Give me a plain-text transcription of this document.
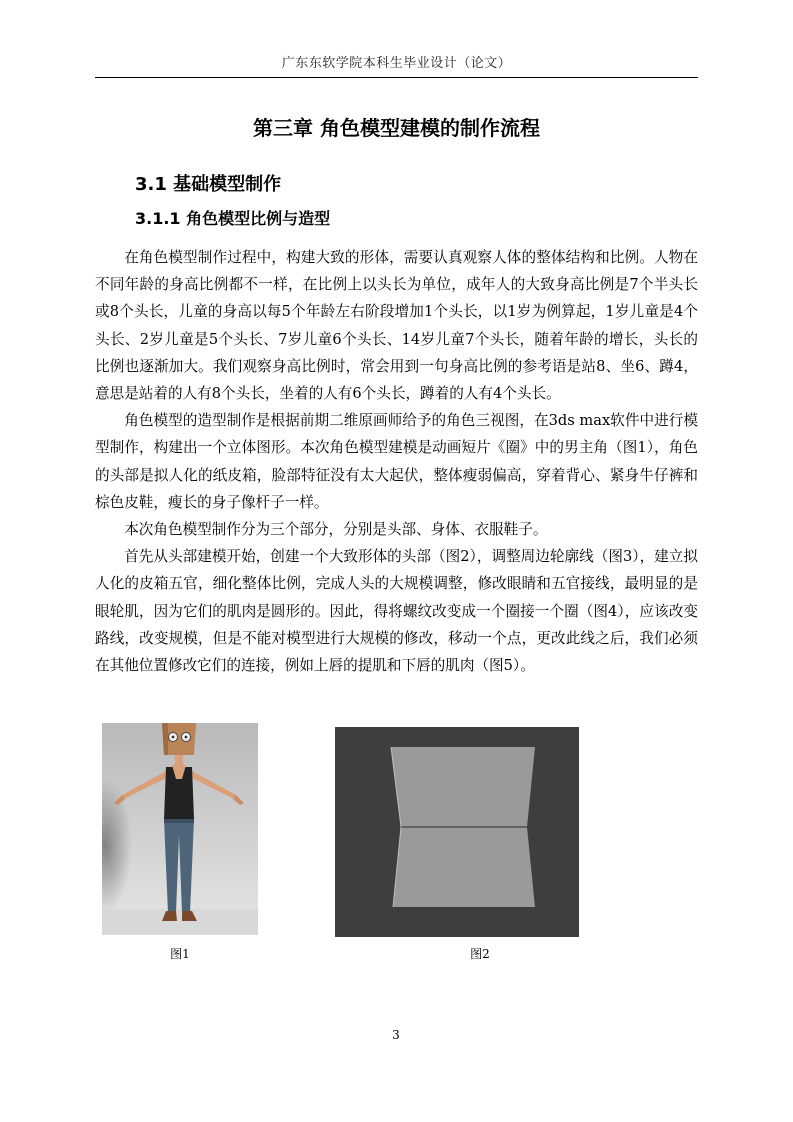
广东东软学院本科生毕业设计（论文）
第三章 角色模型建模的制作流程
3.1 基础模型制作
3.1.1 角色模型比例与造型

在角色模型制作过程中，构建大致的形体，需要认真观察人体的整体结构和比例。人物在不同年龄的身高比例都不一样，在比例上以头长为单位，成年人的大致身高比例是7个半头长或8个头长，儿童的身高以每5个年龄左右阶段增加1个头长，以1岁为例算起，1岁儿童是4个头长、2岁儿童是5个头长、7岁儿童6个头长、14岁儿童7个头长，随着年龄的增长，头长的比例也逐渐加大。我们观察身高比例时，常会用到一句身高比例的参考语是站8、坐6、蹲4，意思是站着的人有8个头长，坐着的人有6个头长，蹲着的人有4个头长。

角色模型的造型制作是根据前期二维原画师给予的角色三视图，在3ds max软件中进行模型制作，构建出一个立体图形。本次角色模型建模是动画短片《圈》中的男主角（图1），角色的头部是拟人化的纸皮箱，脸部特征没有太大起伏，整体瘦弱偏高，穿着背心、紧身牛仔裤和棕色皮鞋，瘦长的身子像杆子一样。

本次角色模型制作分为三个部分，分别是头部、身体、衣服鞋子。

首先从头部建模开始，创建一个大致形体的头部（图2），调整周边轮廓线（图3），建立拟人化的皮箱五官，细化整体比例，完成人头的大规模调整，修改眼睛和五官接线，最明显的是眼轮肌，因为它们的肌肉是圆形的。因此，得将螺纹改变成一个圈接一个圈（图4），应该改变路线，改变规模，但是不能对模型进行大规模的修改，移动一个点，更改此线之后，我们必须在其他位置修改它们的连接，例如上唇的提肌和下唇的肌肉（图5）。

图1	图2
3
